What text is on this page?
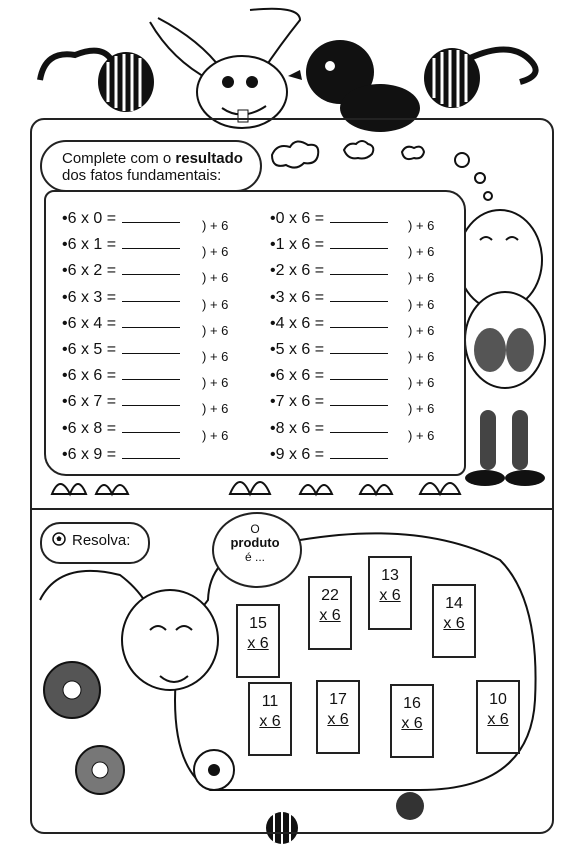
Complete com o resultado
dos fatos fundamentais:
•6 x 0 =	) + 6
•6 x 1 =	) + 6
•6 x 2 =	) + 6
•6 x 3 =	) + 6
•6 x 4 =	) + 6
•6 x 5 =	) + 6
•6 x 6 =	) + 6
•6 x 7 =	) + 6
•6 x 8 =	) + 6
•6 x 9 =
•0 x 6 =	) + 6
•1 x 6 =	) + 6
•2 x 6 =	) + 6
•3 x 6 =	) + 6
•4 x 6 =	) + 6
•5 x 6 =	) + 6
•6 x 6 =	) + 6
•7 x 6 =	) + 6
•8 x 6 =	) + 6
•9 x 6 =
Resolva:
O
produto
é ...
15
x 6
22
x 6
13
x 6	14
x 6
11
x 6
17
x 6
16
x 6
10
x 6
